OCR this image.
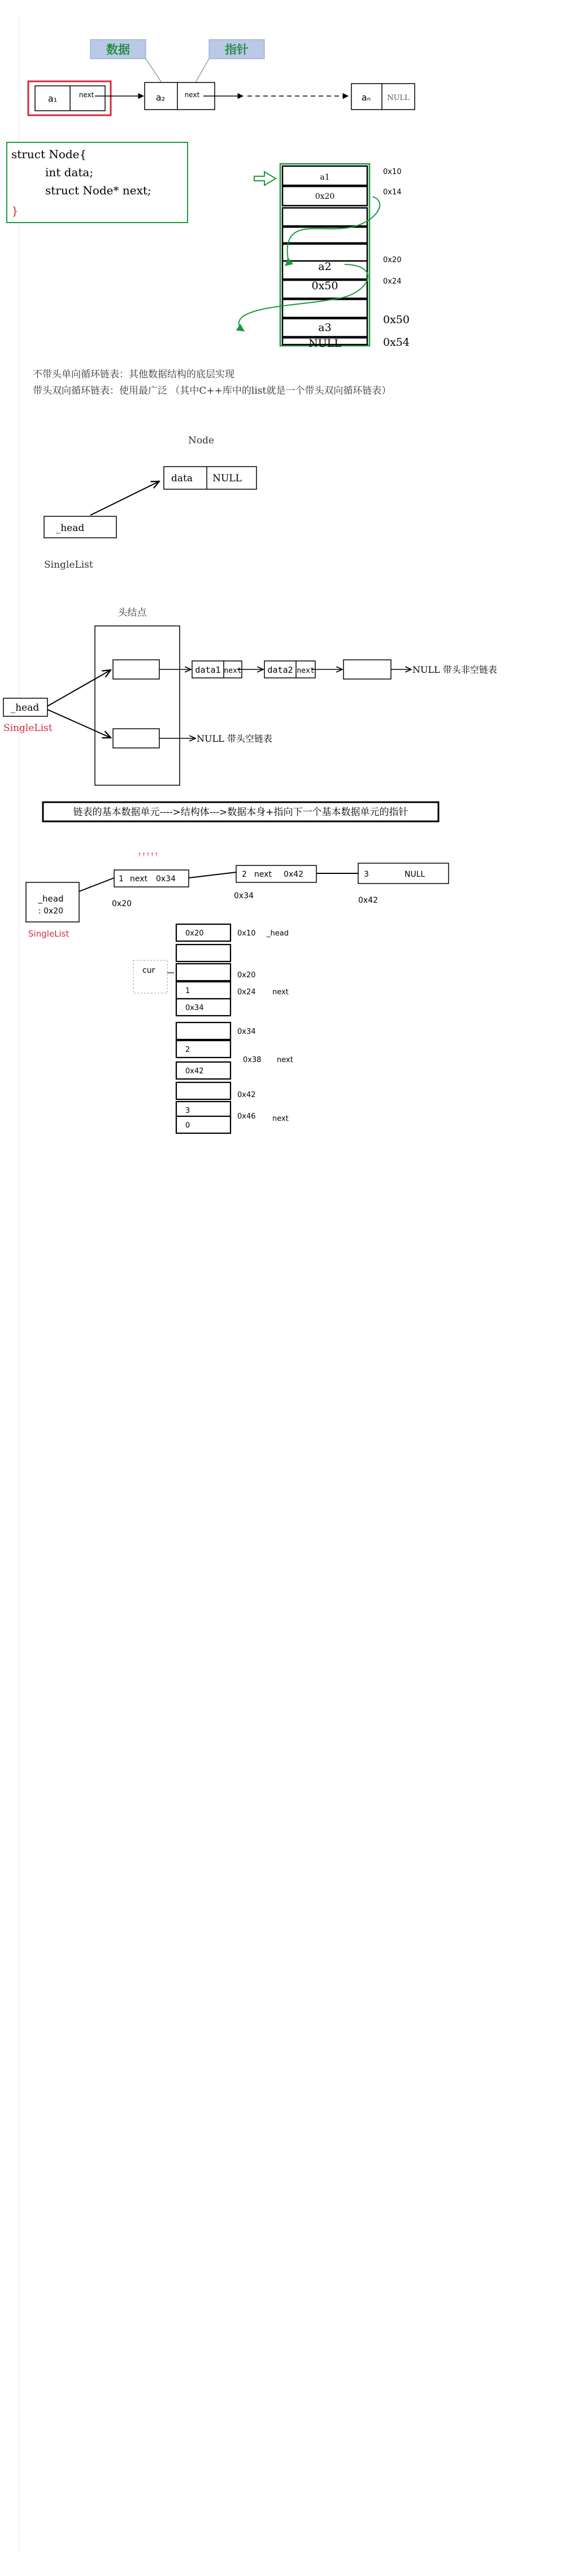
数据	指针
a₁	next	a₂	next	aₙ NULL
struct Node{
int data;
struct Node* next;
}
a1
0x20
a2
0x50
a3
NULL
0x10
0x14
0x20
0x24
0x50
0x54
不带头单向循环链表：其他数据结构的底层实现
带头双向循环链表：使用最广泛 （其中C++库中的list就是一个带头双向循环链表）
Node
data NULL
_head
SingleList
头结点
_head
SingleList
data1 next	data2 next	NULL 带头非空链表
NULL 带头空链表
链表的基本数据单元---->结构体--->数据本身+指向下一个基本数据单元的指针
↑↑↑↑↑
_head
: 0x20
SingleList
0x20
1 next 0x34
0x34
2 next 0x42
0x42
3	NULL
cur
0x20
1
0x34
2
0x42
3
0
0x10
0x20
0x24
0x34
0x38
0x42
0x46
_head
next
next
next
